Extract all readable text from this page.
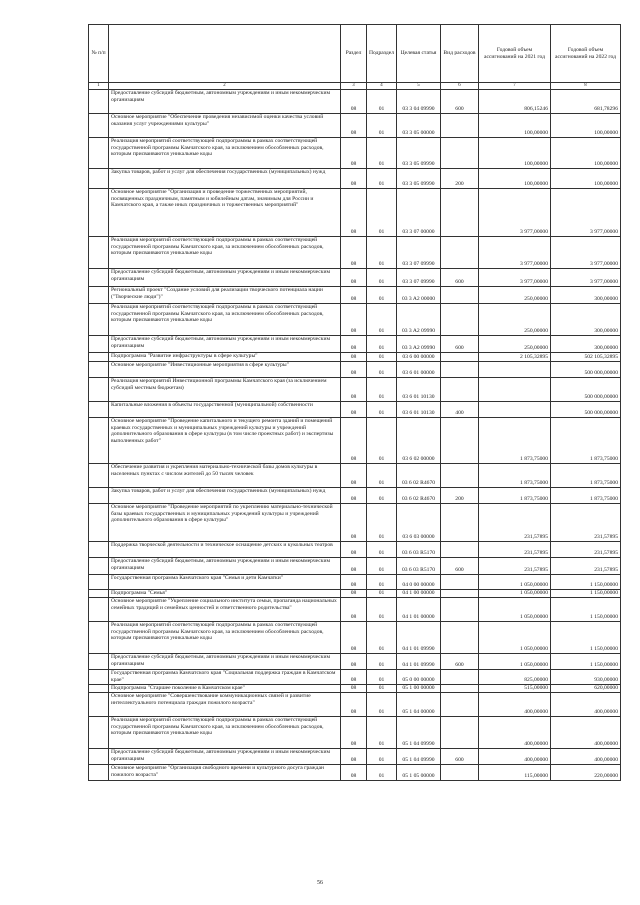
№ п/п		Раздел	Подраздел	Целевая статья	Вид расходов	Годовой объем ассигнований на 2021 год	Годовой объем ассигнований на 2022 год
1	2	3	4	5	6	7	8
	Предоставление субсидий бюджетным, автономным учреждениям и иным некоммерческим организациям	08	01	03 3 04 09990	600	806,15246	681,78296
	Основное мероприятие "Обеспечение проведения независимой оценки качества условий оказания услуг учреждениями культуры"	08	01	03 3 05 00000		100,00000	100,00000
	Реализация мероприятий соответствующей подпрограммы в рамках соответствующей государственной программы Камчатского края, за исключением обособленных расходов, которым присваиваются уникальные коды	08	01	03 3 05 09990		100,00000	100,00000
	Закупка товаров, работ и услуг для обеспечения государственных (муниципальных) нужд	08	01	03 3 05 09990	200	100,00000	100,00000
	Основное мероприятие "Организация и проведение торжественных мероприятий, посвященных праздничным, памятным и юбилейным датам, значимым для России и Камчатского края, а также иных праздничных и торжественных мероприятий"	08	01	03 3 07 00000		3 977,00000	3 977,00000
	Реализация мероприятий соответствующей подпрограммы в рамках соответствующей государственной программы Камчатского края, за исключением обособленных расходов, которым присваиваются уникальные коды	08	01	03 3 07 09990		3 977,00000	3 977,00000
	Предоставление субсидий бюджетным, автономным учреждениям и иным некоммерческим организациям	08	01	03 3 07 09990	600	3 977,00000	3 977,00000
	Региональный проект "Создание условий для реализации творческого потенциала нации ("Творческие люди")"	08	01	03 3 A2 00000		250,00000	300,00000
	Реализация мероприятий соответствующей подпрограммы в рамках соответствующей государственной программы Камчатского края, за исключением обособленных расходов, которым присваиваются уникальные коды	08	01	03 3 A2 09990		250,00000	300,00000
	Предоставление субсидий бюджетным, автономным учреждениям и иным некоммерческим организациям	08	01	03 3 A2 09990	600	250,00000	300,00000
	Подпрограмма "Развитие инфраструктуры в сфере культуры"	08	01	03 6 00 00000		2 105,32895	502 105,32895
	Основное мероприятие "Инвестиционные мероприятия в сфере культуры"	08	01	03 6 01 00000			500 000,00000
	Реализация мероприятий Инвестиционной программы Камчатского края (за исключением субсидий местным бюджетам)	08	01	03 6 01 10130			500 000,00000
	Капитальные вложения в объекты государственной (муниципальной) собственности	08	01	03 6 01 10130	400		500 000,00000
	Основное мероприятие "Проведение капитального и текущего ремонта зданий и помещений краевых государственных и муниципальных учреждений культуры и учреждений дополнительного образования в сфере культуры (в том числе проектных работ) и экспертизы выполненных работ"	08	01	03 6 02 00000		1 873,75000	1 873,75000
	Обеспечение развития и укрепления материально-технической базы домов культуры в населенных пунктах с числом жителей до 50 тысяч человек	08	01	03 6 02 R4670		1 873,75000	1 873,75000
	Закупка товаров, работ и услуг для обеспечения государственных (муниципальных) нужд	08	01	03 6 02 R4670	200	1 873,75000	1 873,75000
	Основное мероприятие "Проведение мероприятий по укреплению материально-технической базы краевых государственных и муниципальных учреждений культуры и учреждений дополнительного образования в сфере культуры"	08	01	03 6 03 00000		231,57895	231,57895
	Поддержка творческой деятельности и техническое оснащение детских и кукольных театров	08	01	03 6 03 R5170		231,57895	231,57895
	Предоставление субсидий бюджетным, автономным учреждениям и иным некоммерческим организациям	08	01	03 6 03 R5170	600	231,57895	231,57895
	Государственная программа Камчатского края "Семья и дети Камчатки"	08	01	04 0 00 00000		1 050,00000	1 150,00000
	Подпрограмма "Семья"	08	01	04 1 00 00000		1 050,00000	1 150,00000
	Основное мероприятие "Укрепление социального института семьи, пропаганда национальных семейных традиций и семейных ценностей и ответственного родительства"	08	01	04 1 01 00000		1 050,00000	1 150,00000
	Реализация мероприятий соответствующей подпрограммы в рамках соответствующей государственной программы Камчатского края, за исключением обособленных расходов, которым присваиваются уникальные коды	08	01	04 1 01 09990		1 050,00000	1 150,00000
	Предоставление субсидий бюджетным, автономным учреждениям и иным некоммерческим организациям	08	01	04 1 01 09990	600	1 050,00000	1 150,00000
	Государственная программа Камчатского края "Социальная поддержка граждан в Камчатском крае"	08	01	05 0 00 00000		825,00000	930,00000
	Подпрограмма "Старшее поколение в Камчатском крае"	08	01	05 1 00 00000		515,00000	620,00000
	Основное мероприятие "Совершенствование коммуникационных связей и развитие интеллектуального потенциала граждан пожилого возраста"	08	01	05 1 04 00000		400,00000	400,00000
	Реализация мероприятий соответствующей подпрограммы в рамках соответствующей государственной программы Камчатского края, за исключением обособленных расходов, которым присваиваются уникальные коды	08	01	05 1 04 09990		400,00000	400,00000
	Предоставление субсидий бюджетным, автономным учреждениям и иным некоммерческим организациям	08	01	05 1 04 09990	600	400,00000	400,00000
	Основное мероприятие "Организация свободного времени и культурного досуга граждан пожилого возраста"	08	01	05 1 05 00000		115,00000	220,00000
56
